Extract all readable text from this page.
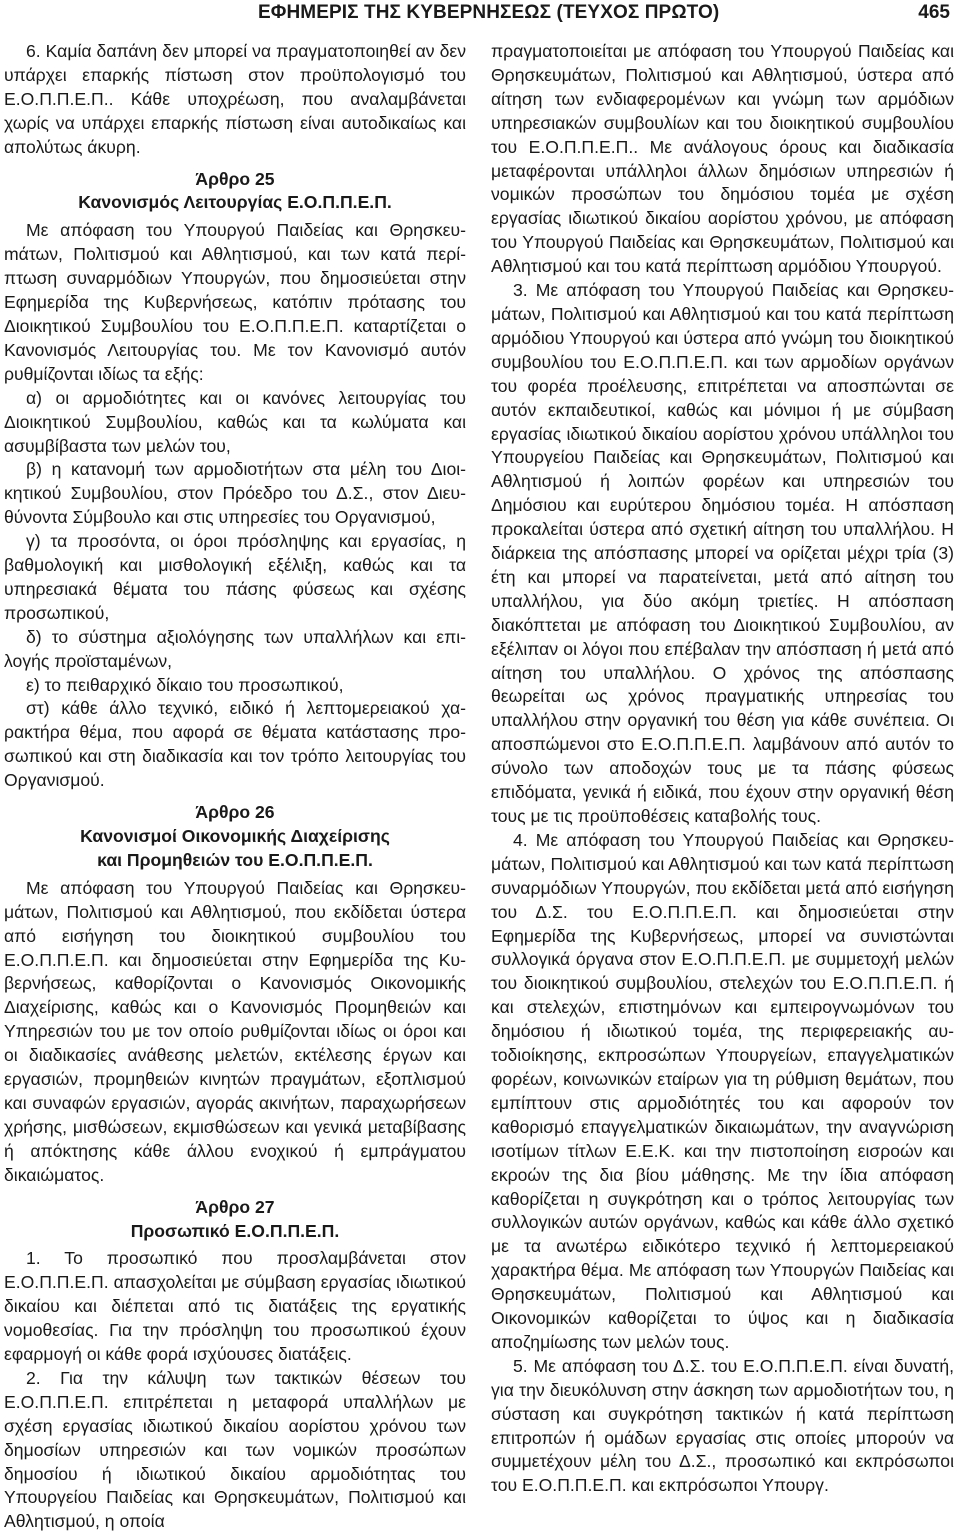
ΕΦΗΜΕΡΙΣ ΤΗΣ ΚΥΒΕΡΝΗΣΕΩΣ (ΤΕΥΧΟΣ ΠΡΩΤΟ)	465

6. Καμία δαπάνη δεν μπορεί να πραγματοποιηθεί αν δεν υπάρχει επαρκής πίστωση στον προϋπολογισμό του Ε.Ο.Π.Π.Ε.Π.. Κάθε υποχρέωση, που αναλαμβάνεται χωρίς να υπάρχει επαρκής πίστωση είναι αυτοδικαίως και απολύτως άκυρη.

Άρθρο 25

Κανονισμός Λειτουργίας Ε.Ο.Π.Π.Ε.Π.

Με απόφαση του Υπουργού Παιδείας και Θρησκευmάτων, Πολιτισμού και Αθλητισμού, και των κατά περίπτωση συναρμόδιων Υπουργών, που δημοσιεύεται στην Εφημερίδα της Κυβερνήσεως, κατόπιν πρότασης του Διοικητικού Συμβουλίου του Ε.Ο.Π.Π.Ε.Π. καταρτίζεται ο Κανονισμός Λειτουργίας του. Με τον Κανονισμό αυτόν ρυθμίζονται ιδίως τα εξής:

α) οι αρμοδιότητες και οι κανόνες λειτουργίας του Διοικητικού Συμβουλίου, καθώς και τα κωλύματα και ασυμβίβαστα των μελών του,

β) η κατανομή των αρμοδιοτήτων στα μέλη του Διοικητικού Συμβουλίου, στον Πρόεδρο του Δ.Σ., στον Διευθύνοντα Σύμβουλο και στις υπηρεσίες του Οργανισμού,

γ) τα προσόντα, οι όροι πρόσληψης και εργασίας, η βαθμολογική και μισθολογική εξέλιξη, καθώς και τα υπηρεσιακά θέματα του πάσης φύσεως και σχέσης προσωπικού,

δ) το σύστημα αξιολόγησης των υπαλλήλων και επιλογής προϊσταμένων,

ε) το πειθαρχικό δίκαιο του προσωπικού,

στ) κάθε άλλο τεχνικό, ειδικό ή λεπτομερειακού χαρακτήρα θέμα, που αφορά σε θέματα κατάστασης προσωπικού και στη διαδικασία και τον τρόπο λειτουργίας του Οργανισμού.

Άρθρο 26

Κανονισμοί Οικονομικής Διαχείρισης

και Προμηθειών του Ε.Ο.Π.Π.Ε.Π.

Με απόφαση του Υπουργού Παιδείας και Θρησκευμάτων, Πολιτισμού και Αθλητισμού, που εκδίδεται ύστερα από εισήγηση του διοικητικού συμβουλίου του Ε.Ο.Π.Π.Ε.Π. και δημοσιεύεται στην Εφημερίδα της Κυβερνήσεως, καθορίζονται ο Κανονισμός Οικονομικής Διαχείρισης, καθώς και ο Κανονισμός Προμηθειών και Υπηρεσιών του με τον οποίο ρυθμίζονται ιδίως οι όροι και οι διαδικασίες ανάθεσης μελετών, εκτέλεσης έργων και εργασιών, προμηθειών κινητών πραγμάτων, εξοπλισμού και συναφών εργασιών, αγοράς ακινήτων, παραχωρήσεων χρήσης, μισθώσεων, εκμισθώσεων και γενικά μεταβίβασης ή απόκτησης κάθε άλλου ενοχικού ή εμπράγματου δικαιώματος.

Άρθρο 27

Προσωπικό Ε.Ο.Π.Π.Ε.Π.

1. Το προσωπικό που προσλαμβάνεται στον Ε.Ο.Π.Π.Ε.Π. απασχολείται με σύμβαση εργασίας ιδιωτικού δικαίου και διέπεται από τις διατάξεις της εργατικής νομοθεσίας. Για την πρόσληψη του προσωπικού έχουν εφαρμογή οι κάθε φορά ισχύουσες διατάξεις.

2. Για την κάλυψη των τακτικών θέσεων του Ε.Ο.Π.Π.Ε.Π. επιτρέπεται η μεταφορά υπαλλήλων με σχέση εργασίας ιδιωτικού δικαίου αορίστου χρόνου των δημοσίων υπηρεσιών και των νομικών προσώπων δημοσίου ή ιδιωτικού δικαίου αρμοδιότητας του Υπουργείου Παιδείας και Θρησκευμάτων, Πολιτισμού και Αθλητισμού, η οποία

πραγματοποιείται με απόφαση του Υπουργού Παιδείας και Θρησκευμάτων, Πολιτισμού και Αθλητισμού, ύστερα από αίτηση των ενδιαφερομένων και γνώμη των αρμόδιων υπηρεσιακών συμβουλίων και του διοικητικού συμβουλίου του Ε.Ο.Π.Π.Ε.Π.. Με ανάλογους όρους και διαδικασία μεταφέρονται υπάλληλοι άλλων δημόσιων υπηρεσιών ή νομικών προσώπων του δημόσιου τομέα με σχέση εργασίας ιδιωτικού δικαίου αορίστου χρόνου, με απόφαση του Υπουργού Παιδείας και Θρησκευμάτων, Πολιτισμού και Αθλητισμού και του κατά περίπτωση αρμόδιου Υπουργού.

3. Με απόφαση του Υπουργού Παιδείας και Θρησκευμάτων, Πολιτισμού και Αθλητισμού και του κατά περίπτωση αρμόδιου Υπουργού και ύστερα από γνώμη του διοικητικού συμβουλίου του Ε.Ο.Π.Π.Ε.Π. και των αρμοδίων οργάνων του φορέα προέλευσης, επιτρέπεται να αποσπώνται σε αυτόν εκπαιδευτικοί, καθώς και μόνιμοι ή με σύμβαση εργασίας ιδιωτικού δικαίου αορίστου χρόνου υπάλληλοι του Υπουργείου Παιδείας και Θρησκευμάτων, Πολιτισμού και Αθλητισμού ή λοιπών φορέων και υπηρεσιών του Δημόσιου και ευρύτερου δημόσιου τομέα. Η απόσπαση προκαλείται ύστερα από σχετική αίτηση του υπαλλήλου. Η διάρκεια της απόσπασης μπορεί να ορίζεται μέχρι τρία (3) έτη και μπορεί να παρατείνεται, μετά από αίτηση του υπαλλήλου, για δύο ακόμη τριετίες. Η απόσπαση διακόπτεται με απόφαση του Διοικητικού Συμβουλίου, αν εξέλιπαν οι λόγοι που επέβαλαν την απόσπαση ή μετά από αίτηση του υπαλλήλου. Ο χρόνος της απόσπασης θεωρείται ως χρόνος πραγματικής υπηρεσίας του υπαλλήλου στην οργανική του θέση για κάθε συνέπεια. Οι αποσπώμενοι στο Ε.Ο.Π.Π.Ε.Π. λαμβάνουν από αυτόν το σύνολο των αποδοχών τους με τα πάσης φύσεως επιδόματα, γενικά ή ειδικά, που έχουν στην οργανική θέση τους με τις προϋποθέσεις καταβολής τους.

4. Με απόφαση του Υπουργού Παιδείας και Θρησκευμάτων, Πολιτισμού και Αθλητισμού και των κατά περίπτωση συναρμόδιων Υπουργών, που εκδίδεται μετά από εισήγηση του Δ.Σ. του Ε.Ο.Π.Π.Ε.Π. και δημοσιεύεται στην Εφημερίδα της Κυβερνήσεως, μπορεί να συνιστώνται συλλογικά όργανα στον Ε.Ο.Π.Π.Ε.Π. με συμμετοχή μελών του διοικητικού συμβουλίου, στελεχών του Ε.Ο.Π.Π.Ε.Π. ή και στελεχών, επιστημόνων και εμπειρογνωμόνων του δημόσιου ή ιδιωτικού τομέα, της περιφερειακής αυτοδιοίκησης, εκπροσώπων Υπουργείων, επαγγελματικών φορέων, κοινωνικών εταίρων για τη ρύθμιση θεμάτων, που εμπίπτουν στις αρμοδιότητές του και αφορούν τον καθορισμό επαγγελματικών δικαιωμάτων, την αναγνώριση ισοτίμων τίτλων Ε.Ε.Κ. και την πιστοποίηση εισροών και εκροών της δια βίου μάθησης. Με την ίδια απόφαση καθορίζεται η συγκρότηση και ο τρόπος λειτουργίας των συλλογικών αυτών οργάνων, καθώς και κάθε άλλο σχετικό με τα ανωτέρω ειδικότερο τεχνικό ή λεπτομερειακού χαρακτήρα θέμα. Με απόφαση των Υπουργών Παιδείας και Θρησκευμάτων, Πολιτισμού και Αθλητισμού και Οικονομικών καθορίζεται το ύψος και η διαδικασία αποζημίωσης των μελών τους.

5. Με απόφαση του Δ.Σ. του Ε.Ο.Π.Π.Ε.Π. είναι δυνατή, για την διευκόλυνση στην άσκηση των αρμοδιοτήτων του, η σύσταση και συγκρότηση τακτικών ή κατά περίπτωση επιτροπών ή ομάδων εργασίας στις οποίες μπορούν να συμμετέχουν μέλη του Δ.Σ., προσωπικό και εκπρόσωποι του Ε.Ο.Π.Π.Ε.Π. και εκπρόσωποι Υπουργ.
